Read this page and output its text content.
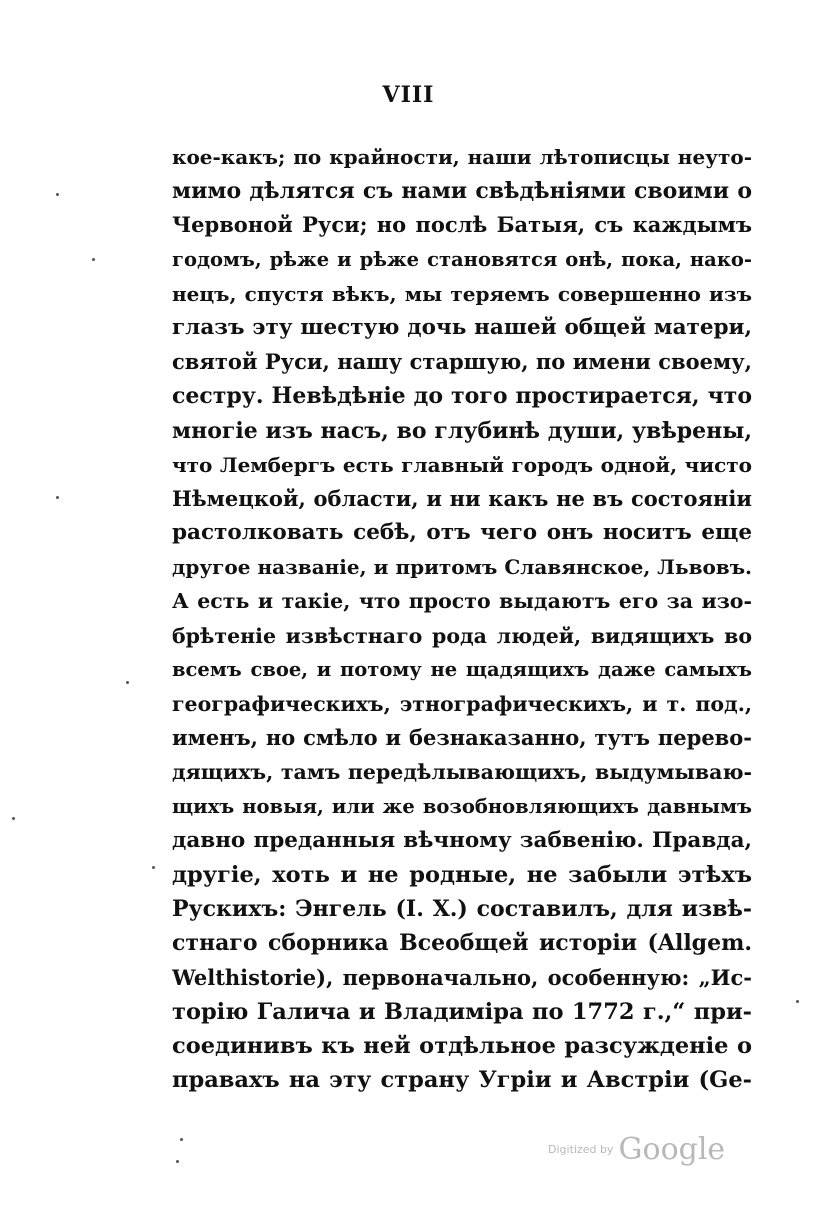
VIII
кое-какъ; по крайности, наши лѣтописцы неуто-
мимо дѣлятся съ нами свѣдѣнiями своими о
Червоной Руси; но послѣ Батыя, съ каждымъ
годомъ, рѣже и рѣже становятся онѣ, пока, нако-
нецъ, спустя вѣкъ, мы теряемъ совершенно изъ
глазъ эту шестую дочь нашей общей матери,
святой Руси, нашу старшую, по имени своему,
сестру. Невѣдѣнiе до того простирается, что
многiе изъ насъ, во глубинѣ души, увѣрены,
что Лембергъ есть главный городъ одной, чисто
Нѣмецкой, области, и ни какъ не въ состоянiи
растолковать себѣ, отъ чего онъ носитъ еще
другое названiе, и притомъ Славянское, Львовъ.
А есть и такiе, что просто выдаютъ его за изо-
брѣтенiе извѣстнаго рода людей, видящихъ во
всемъ свое, и потому не щадящихъ даже самыхъ
географическихъ, этнографическихъ, и т. под.,
именъ, но смѣло и безнаказанно, тутъ перево-
дящихъ, тамъ передѣлывающихъ, выдумываю-
щихъ новыя, или же возобновляющихъ давнымъ
давно преданныя вѣчному забвенiю. Правда,
другiе, хоть и не родные, не забыли этѣхъ
Рускихъ: Энгель (I. X.) составилъ, для извѣ-
стнаго сборника Всеобщей исторiи (Allgem.
Welthistorie), первоначально, особенную: „Ис-
торiю Галича и Владимiра по 1772 г.,“ при-
соединивъ къ ней отдѣльное разсужденiе о
правахъ на эту страну Угрiи и Австрiи (Ge-
Digitized by Google
